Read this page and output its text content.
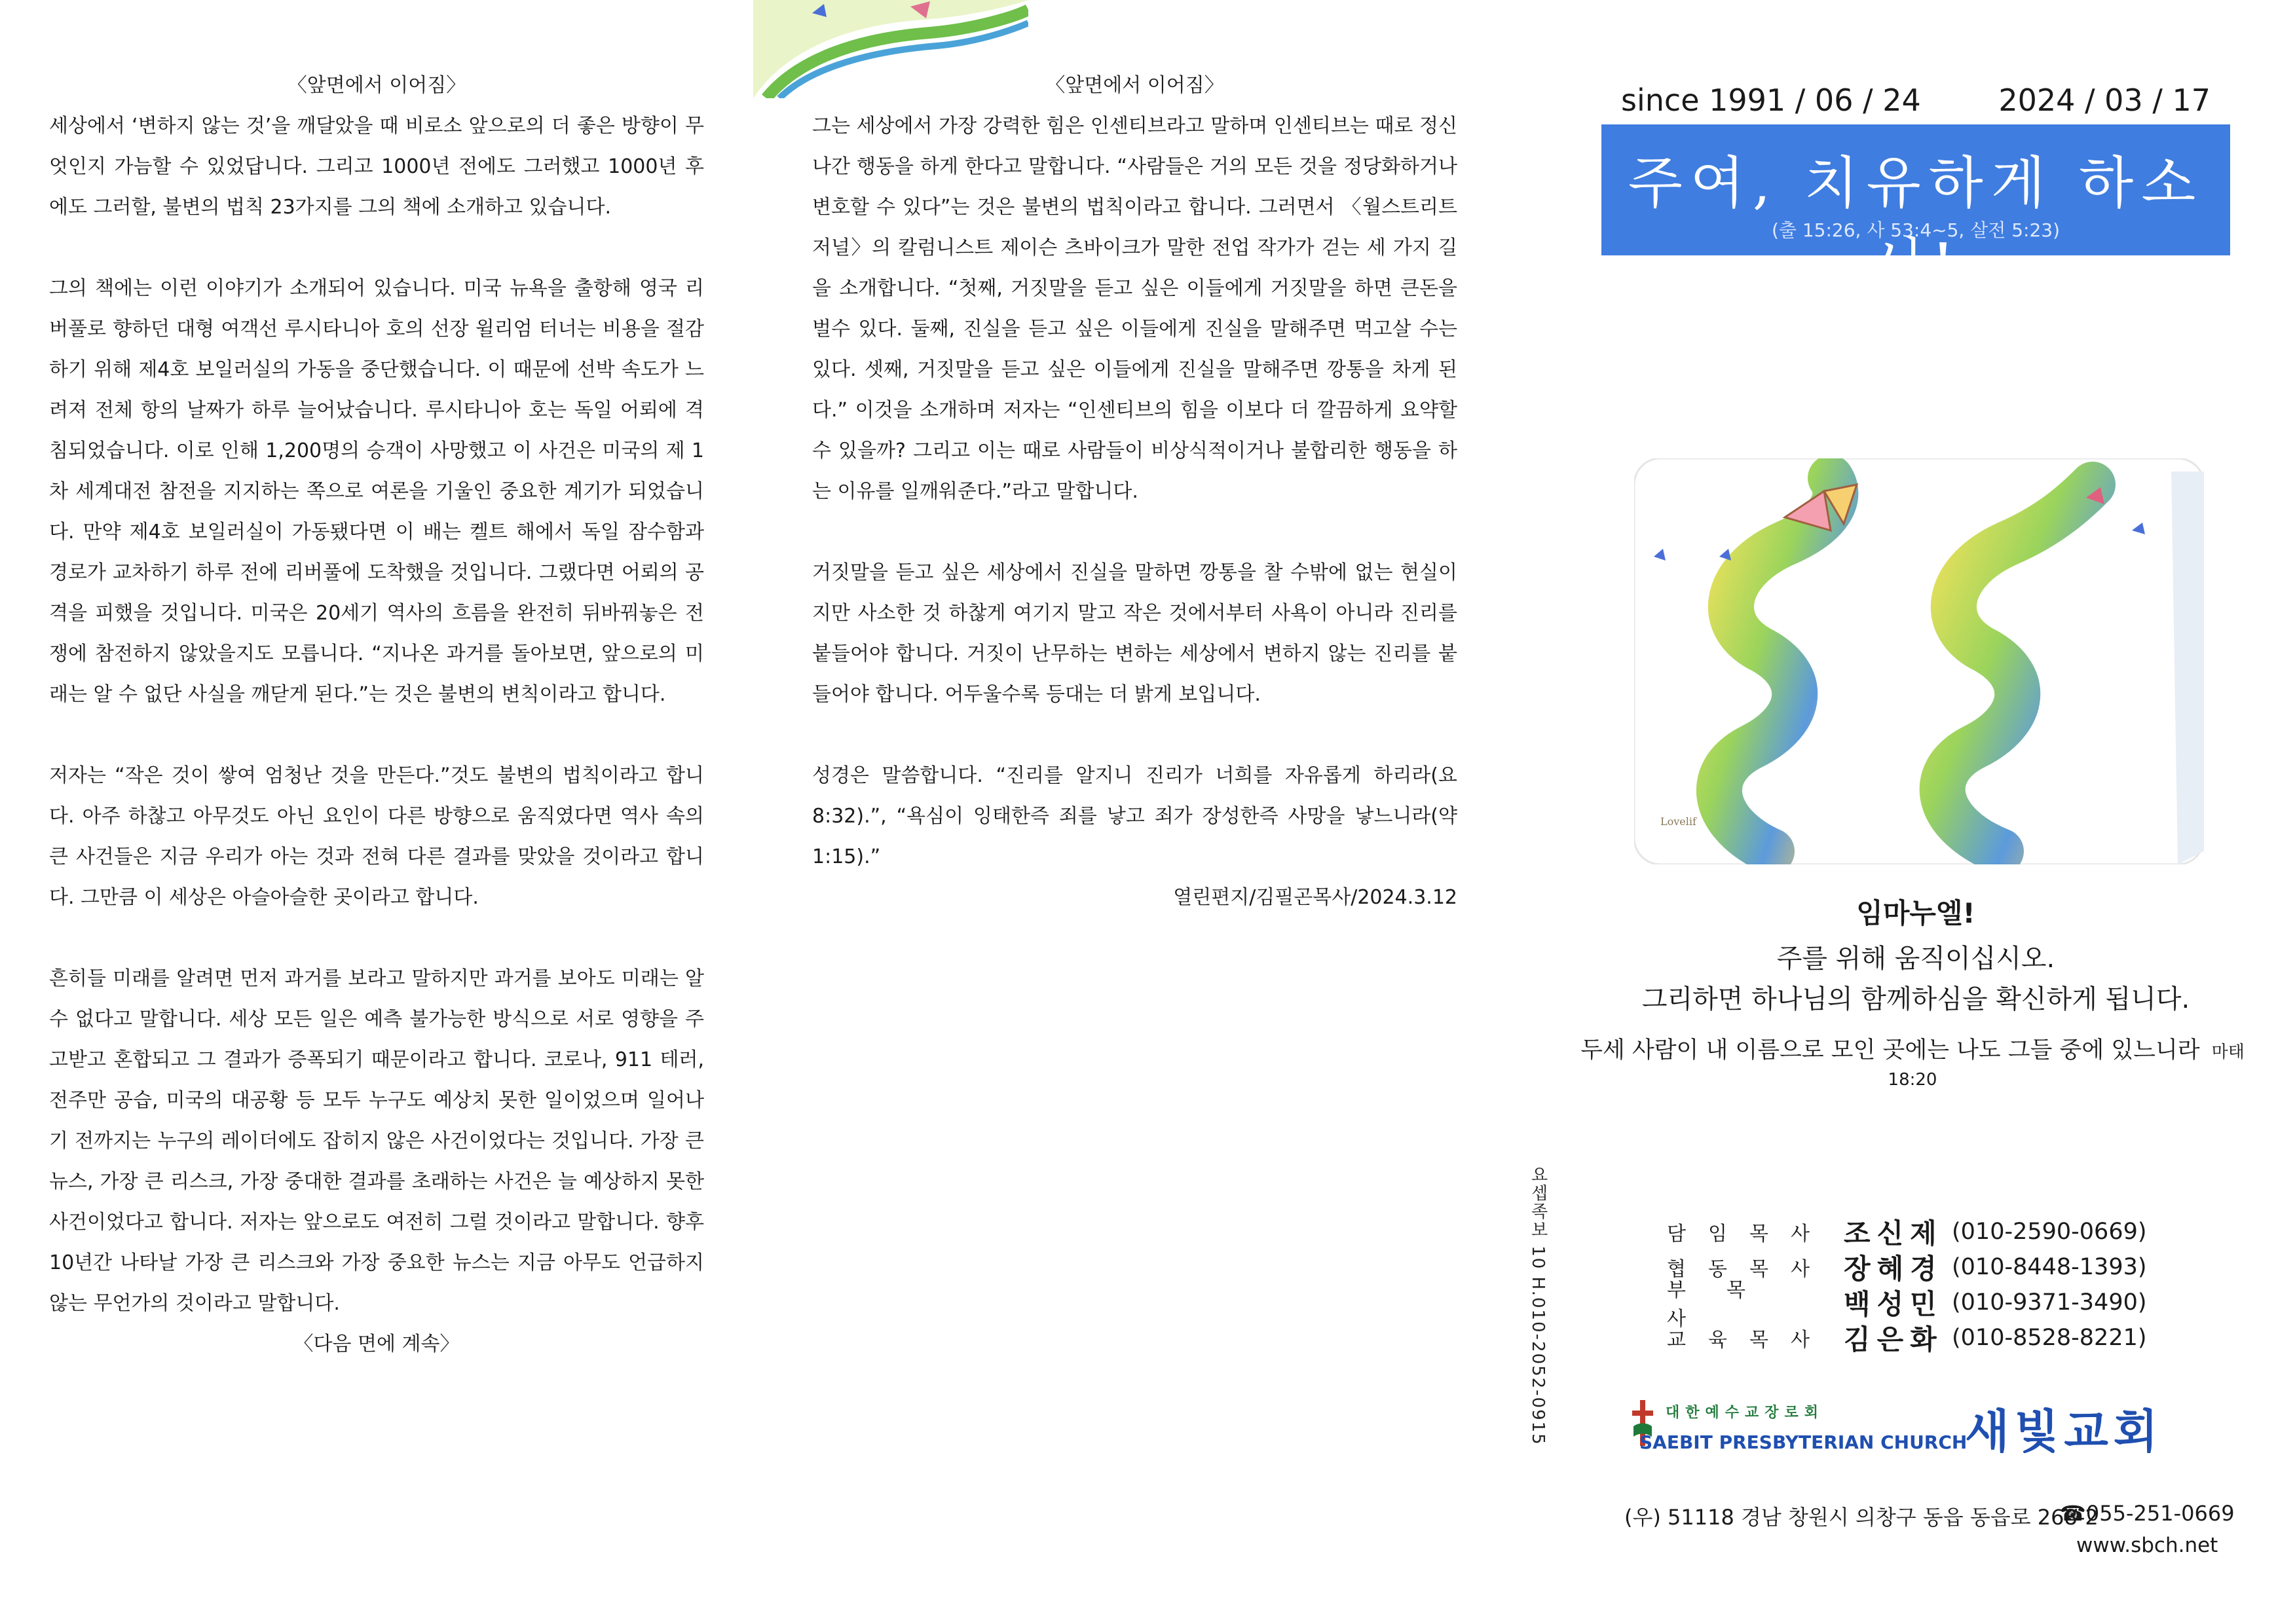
〈앞면에서 이어짐〉

세상에서 ‘변하지 않는 것’을 깨달았을 때 비로소 앞으로의 더 좋은 방향이 무엇인지 가늠할 수 있었답니다. 그리고 1000년 전에도 그러했고 1000년 후에도 그러할, 불변의 법칙 23가지를 그의 책에 소개하고 있습니다.

그의 책에는 이런 이야기가 소개되어 있습니다. 미국 뉴욕을 출항해 영국 리버풀로 향하던 대형 여객선 루시타니아 호의 선장 윌리엄 터너는 비용을 절감하기 위해 제4호 보일러실의 가동을 중단했습니다. 이 때문에 선박 속도가 느려져 전체 항의 날짜가 하루 늘어났습니다. 루시타니아 호는 독일 어뢰에 격침되었습니다. 이로 인해 1,200명의 승객이 사망했고 이 사건은 미국의 제 1차 세계대전 참전을 지지하는 쪽으로 여론을 기울인 중요한 계기가 되었습니다. 만약 제4호 보일러실이 가동됐다면 이 배는 켈트 해에서 독일 잠수함과 경로가 교차하기 하루 전에 리버풀에 도착했을 것입니다. 그랬다면 어뢰의 공격을 피했을 것입니다. 미국은 20세기 역사의 흐름을 완전히 뒤바꿔놓은 전쟁에 참전하지 않았을지도 모릅니다. “지나온 과거를 돌아보면, 앞으로의 미래는 알 수 없단 사실을 깨닫게 된다.”는 것은 불변의 변칙이라고 합니다.

저자는 “작은 것이 쌓여 엄청난 것을 만든다.”것도 불변의 법칙이라고 합니다. 아주 하찮고 아무것도 아닌 요인이 다른 방향으로 움직였다면 역사 속의 큰 사건들은 지금 우리가 아는 것과 전혀 다른 결과를 맞았을 것이라고 합니다. 그만큼 이 세상은 아슬아슬한 곳이라고 합니다.

흔히들 미래를 알려면 먼저 과거를 보라고 말하지만 과거를 보아도 미래는 알 수 없다고 말합니다. 세상 모든 일은 예측 불가능한 방식으로 서로 영향을 주고받고 혼합되고 그 결과가 증폭되기 때문이라고 합니다. 코로나, 911 테러, 전주만 공습, 미국의 대공황 등 모두 누구도 예상치 못한 일이었으며 일어나기 전까지는 누구의 레이더에도 잡히지 않은 사건이었다는 것입니다. 가장 큰 뉴스, 가장 큰 리스크, 가장 중대한 결과를 초래하는 사건은 늘 예상하지 못한 사건이었다고 합니다. 저자는 앞으로도 여전히 그럴 것이라고 말합니다. 향후 10년간 나타날 가장 큰 리스크와 가장 중요한 뉴스는 지금 아무도 언급하지 않는 무언가의 것이라고 말합니다.

〈다음 면에 계속〉
〈앞면에서 이어짐〉

그는 세상에서 가장 강력한 힘은 인센티브라고 말하며 인센티브는 때로 정신 나간 행동을 하게 한다고 말합니다. “사람들은 거의 모든 것을 정당화하거나 변호할 수 있다”는 것은 불변의 법칙이라고 합니다. 그러면서 〈월스트리트저널〉의 칼럼니스트 제이슨 츠바이크가 말한 전업 작가가 걷는 세 가지 길을 소개합니다. “첫째, 거짓말을 듣고 싶은 이들에게 거짓말을 하면 큰돈을 벌수 있다. 둘째, 진실을 듣고 싶은 이들에게 진실을 말해주면 먹고살 수는 있다. 셋째, 거짓말을 듣고 싶은 이들에게 진실을 말해주면 깡통을 차게 된다.” 이것을 소개하며 저자는 “인센티브의 힘을 이보다 더 깔끔하게 요약할 수 있을까? 그리고 이는 때로 사람들이 비상식적이거나 불합리한 행동을 하는 이유를 일깨워준다.”라고 말합니다.

거짓말을 듣고 싶은 세상에서 진실을 말하면 깡통을 찰 수밖에 없는 현실이지만 사소한 것 하찮게 여기지 말고 작은 것에서부터 사욕이 아니라 진리를 붙들어야 합니다. 거짓이 난무하는 변하는 세상에서 변하지 않는 진리를 붙들어야 합니다. 어두울수록 등대는 더 밝게 보입니다.

성경은 말씀합니다. “진리를 알지니 진리가 너희를 자유롭게 하리라(요8:32).”, “욕심이 잉태한즉 죄를 낳고 죄가 장성한즉 사망을 낳느니라(약1:15).”

열린편지/김필곤목사/2024.3.12
요셉족보 10 H.010-2052-0915
since 1991 / 06 / 24	2024 / 03 / 17
주여, 치유하게 하소서!
(출 15:26, 사 53:4~5, 살전 5:23)
Lovelif
임마누엘!
주를 위해 움직이십시오.
그리하면 하나님의 함께하심을 확신하게 됩니다.
두세 사람이 내 이름으로 모인 곳에는 나도 그들 중에 있느니라 마태 18:20
담임목사 조신제 (010-2590-0669)
협동목사 장혜경 (010-8448-1393)
부목사	백성민 (010-9371-3490)
교육목사 김은화 (010-8528-8221)
대한예수교장로회
SAEBIT PRESBYTERIAN CHURCH
새빛교회
(우) 51118 경남 창원시 의창구 동읍 동읍로 268-2
☎055-251-0669
www.sbch.net
